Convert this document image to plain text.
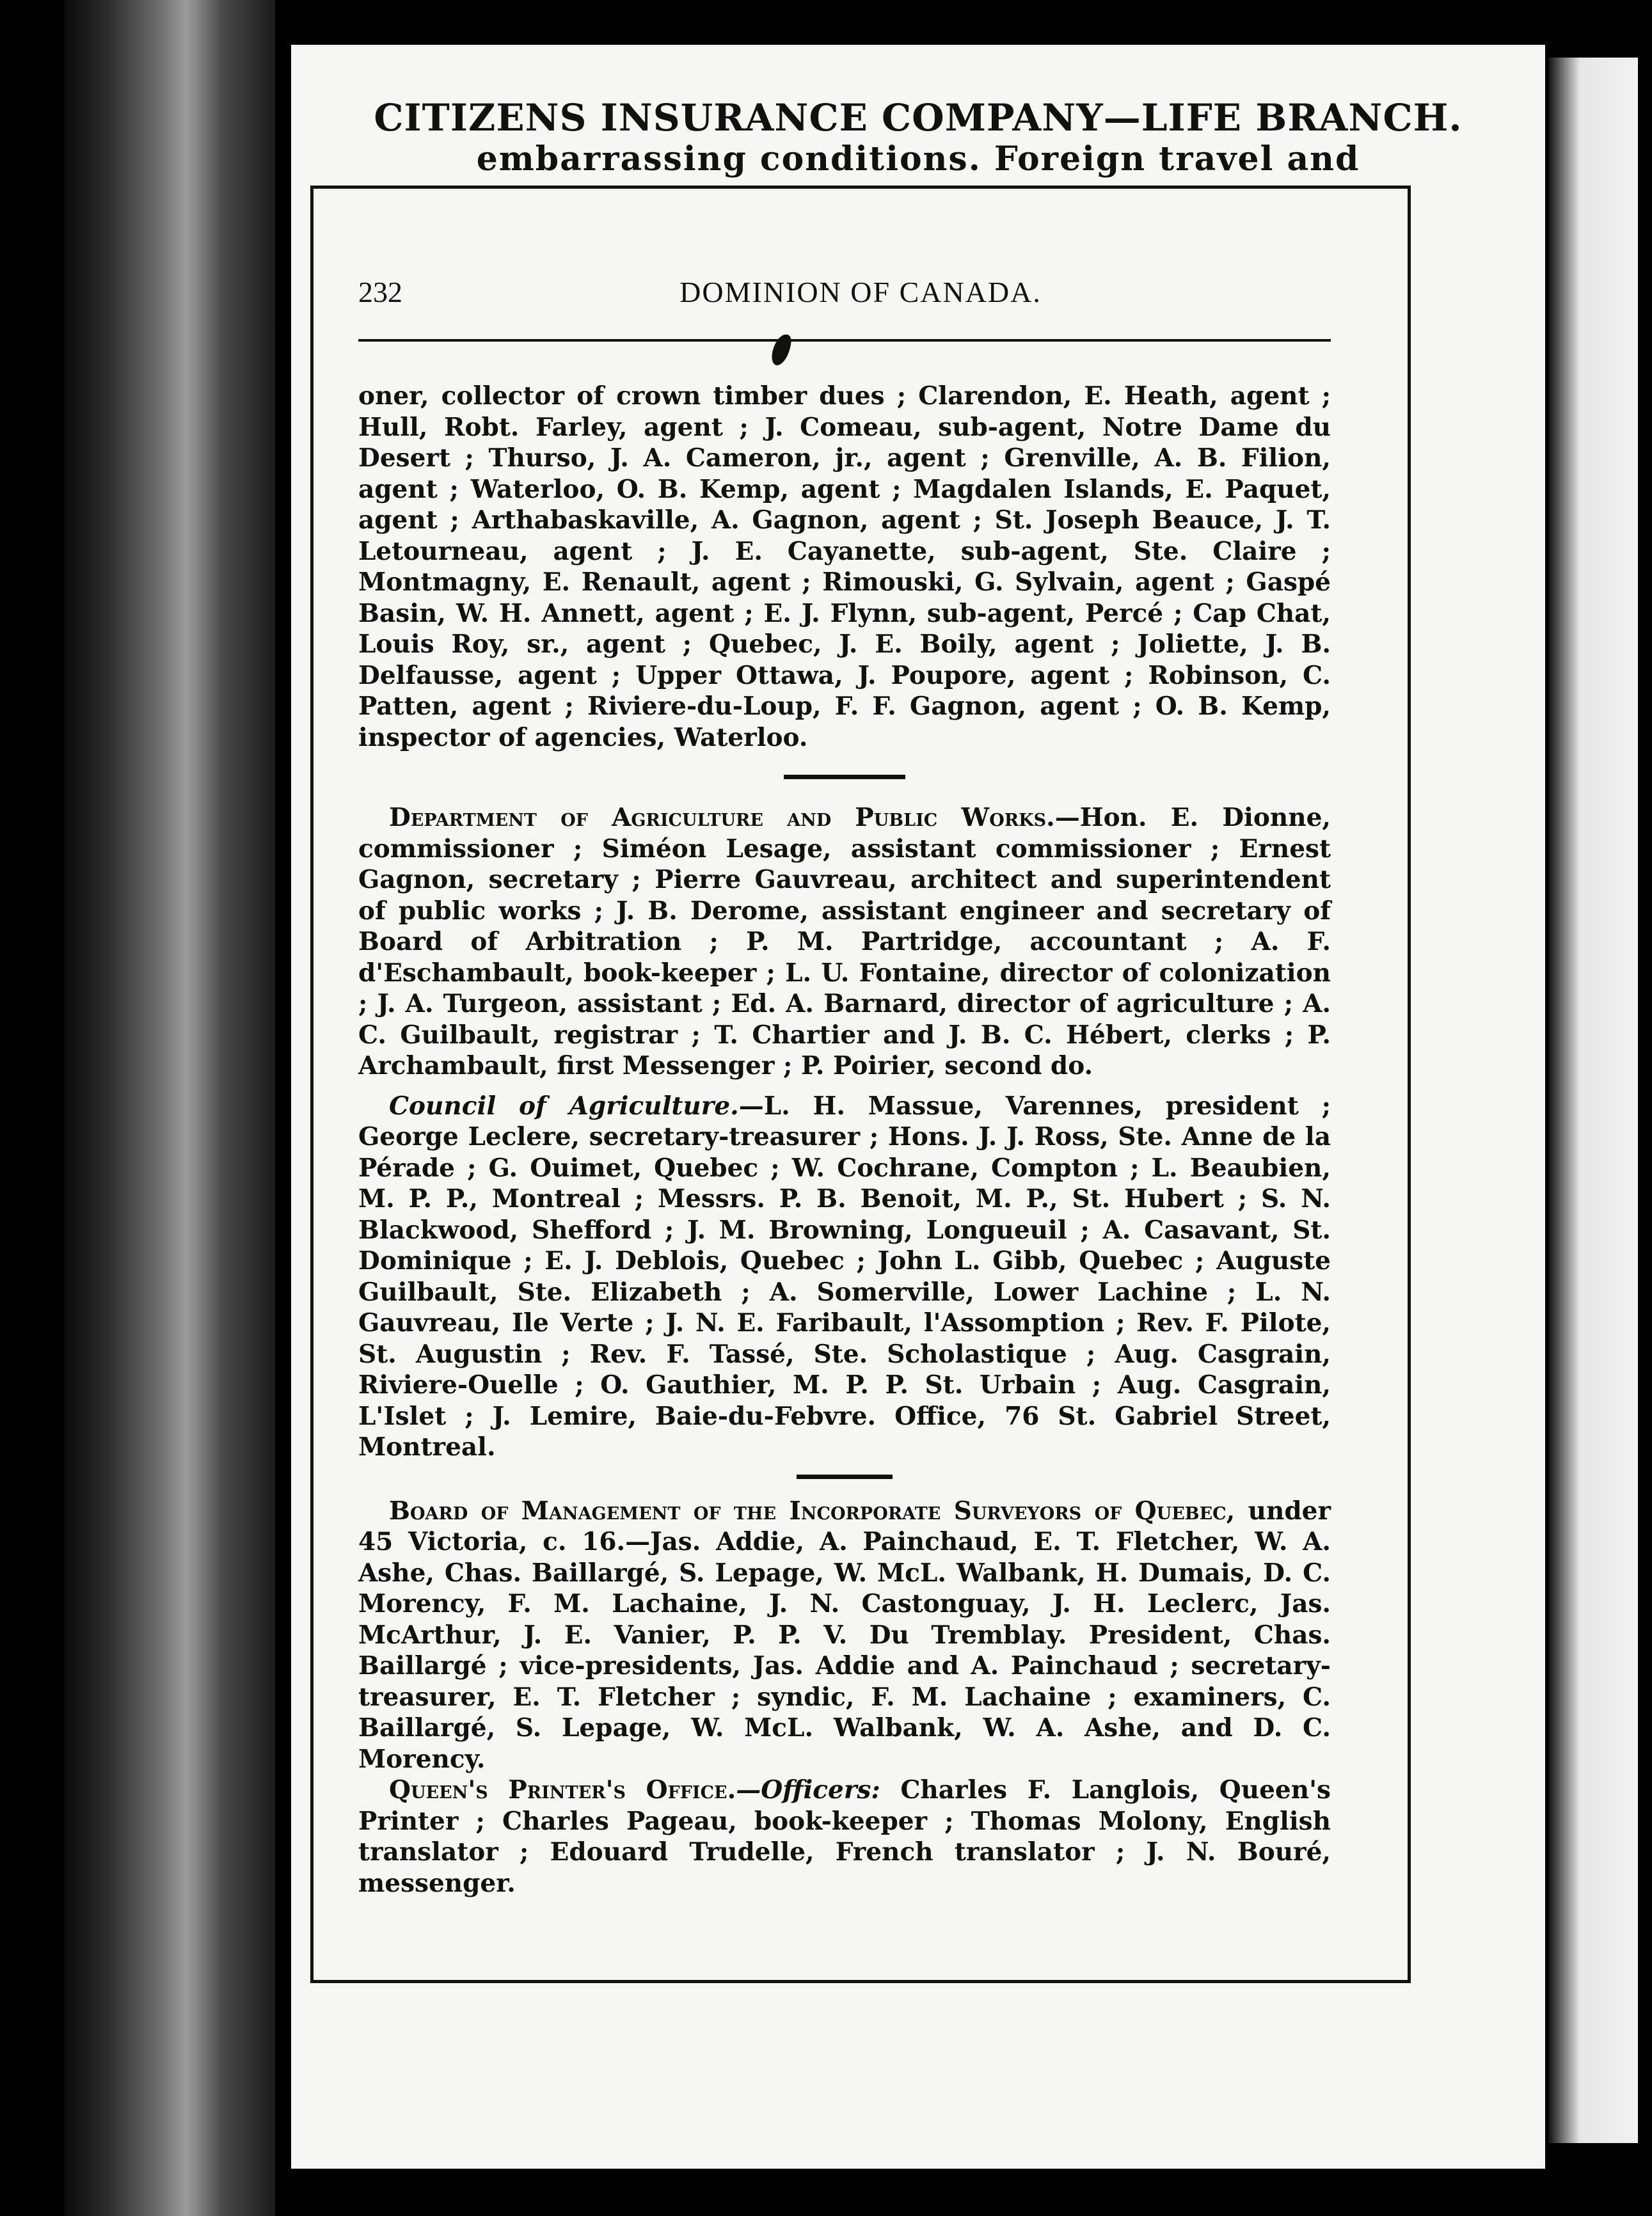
CITIZENS INSURANCE COMPANY—LIFE BRANCH.
embarrassing conditions. Foreign travel and
232	DOMINION OF CANADA.

oner, collector of crown timber dues ; Clarendon, E. Heath, agent ; Hull, Robt. Farley, agent ; J. Comeau, sub-agent, Notre Dame du Desert ; Thurso, J. A. Cameron, jr., agent ; Grenville, A. B. Filion, agent ; Waterloo, O. B. Kemp, agent ; Magdalen Islands, E. Paquet, agent ; Arthabaskaville, A. Gagnon, agent ; St. Joseph Beauce, J. T. Letourneau, agent ; J. E. Cayanette, sub-agent, Ste. Claire ; Montmagny, E. Renault, agent ; Rimouski, G. Sylvain, agent ; Gaspé Basin, W. H. Annett, agent ; E. J. Flynn, sub-agent, Percé ; Cap Chat, Louis Roy, sr., agent ; Quebec, J. E. Boily, agent ; Joliette, J. B. Delfausse, agent ; Upper Ottawa, J. Poupore, agent ; Robinson, C. Patten, agent ; Riviere-du-Loup, F. F. Gagnon, agent ; O. B. Kemp, inspector of agencies, Waterloo.

Department of Agriculture and Public Works.—Hon. E. Dionne, commissioner ; Siméon Lesage, assistant commissioner ; Ernest Gagnon, secretary ; Pierre Gauvreau, architect and superintendent of public works ; J. B. Derome, assistant engineer and secretary of Board of Arbitration ; P. M. Partridge, accountant ; A. F. d'Eschambault, book-keeper ; L. U. Fontaine, director of colonization ; J. A. Turgeon, assistant ; Ed. A. Barnard, director of agriculture ; A. C. Guilbault, registrar ; T. Chartier and J. B. C. Hébert, clerks ; P. Archambault, first Messenger ; P. Poirier, second do.

Council of Agriculture.—L. H. Massue, Varennes, president ; George Leclere, secretary-treasurer ; Hons. J. J. Ross, Ste. Anne de la Pérade ; G. Ouimet, Quebec ; W. Cochrane, Compton ; L. Beaubien, M. P. P., Montreal ; Messrs. P. B. Benoit, M. P., St. Hubert ; S. N. Blackwood, Shefford ; J. M. Browning, Longueuil ; A. Casavant, St. Dominique ; E. J. Deblois, Quebec ; John L. Gibb, Quebec ; Auguste Guilbault, Ste. Elizabeth ; A. Somerville, Lower Lachine ; L. N. Gauvreau, Ile Verte ; J. N. E. Faribault, l'Assomption ; Rev. F. Pilote, St. Augustin ; Rev. F. Tassé, Ste. Scholastique ; Aug. Casgrain, Riviere-Ouelle ; O. Gauthier, M. P. P. St. Urbain ; Aug. Casgrain, L'Islet ; J. Lemire, Baie-du-Febvre. Office, 76 St. Gabriel Street, Montreal.

Board of Management of the Incorporate Surveyors of Quebec, under 45 Victoria, c. 16.—Jas. Addie, A. Painchaud, E. T. Fletcher, W. A. Ashe, Chas. Baillargé, S. Lepage, W. McL. Walbank, H. Dumais, D. C. Morency, F. M. Lachaine, J. N. Castonguay, J. H. Leclerc, Jas. McArthur, J. E. Vanier, P. P. V. Du Tremblay. President, Chas. Baillargé ; vice-presidents, Jas. Addie and A. Painchaud ; secretary-treasurer, E. T. Fletcher ; syndic, F. M. Lachaine ; examiners, C. Baillargé, S. Lepage, W. McL. Walbank, W. A. Ashe, and D. C. Morency.

Queen's Printer's Office.—Officers: Charles F. Langlois, Queen's Printer ; Charles Pageau, book-keeper ; Thomas Molony, English translator ; Edouard Trudelle, French translator ; J. N. Bouré, messenger.
